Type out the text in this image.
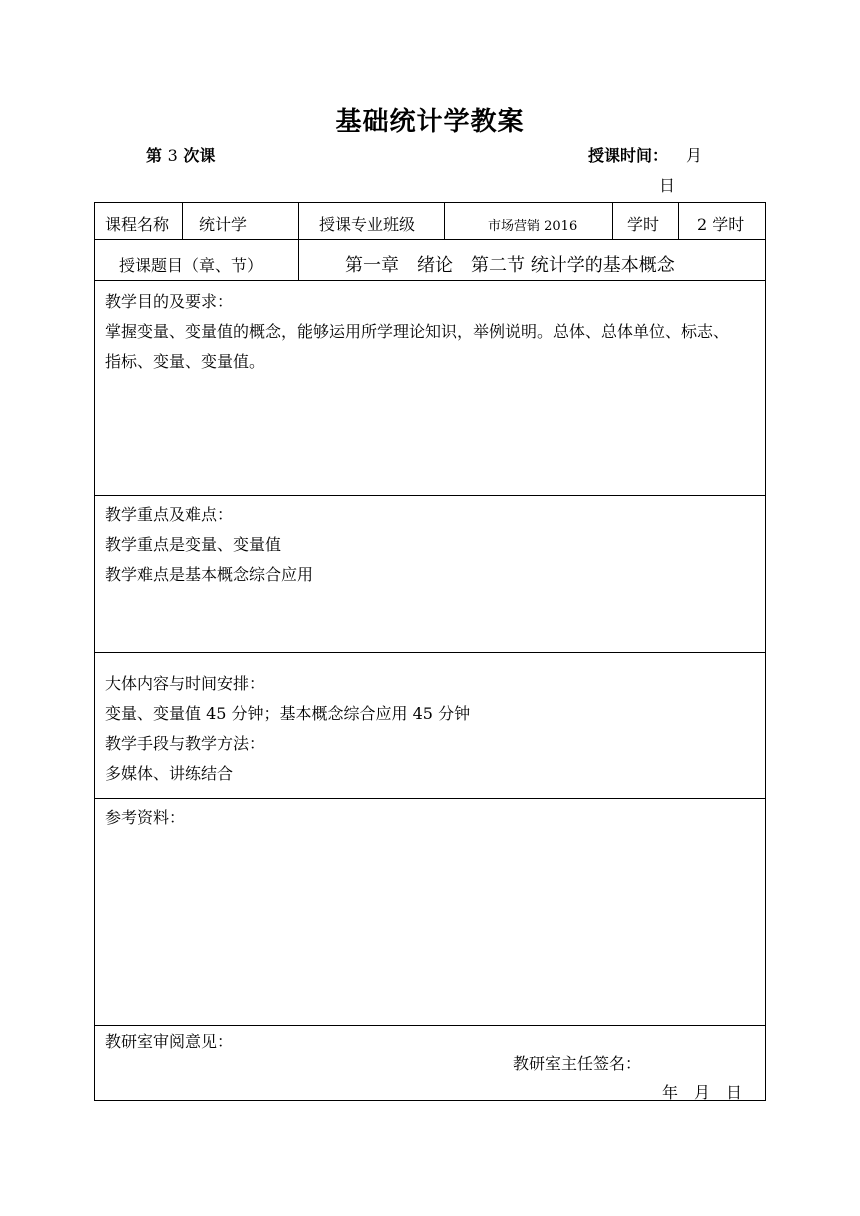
基础统计学教案
第 3 次课	授课时间： 月
日
课程名称 统计学	授课专业班级	市场营销 2016	学时 2 学时
授课题目（章、节）	第一章　绪论　第二节 统计学的基本概念

教学目的及要求：

掌握变量、变量值的概念，能够运用所学理论知识，举例说明。总体、总体单位、标志、

指标、变量、变量值。

教学重点及难点：

教学重点是变量、变量值

教学难点是基本概念综合应用

大体内容与时间安排：

变量、变量值 45 分钟；基本概念综合应用 45 分钟

教学手段与教学方法：

多媒体、讲练结合

参考资料：

教研室审阅意见：
教研室主任签名：
年　月　日
